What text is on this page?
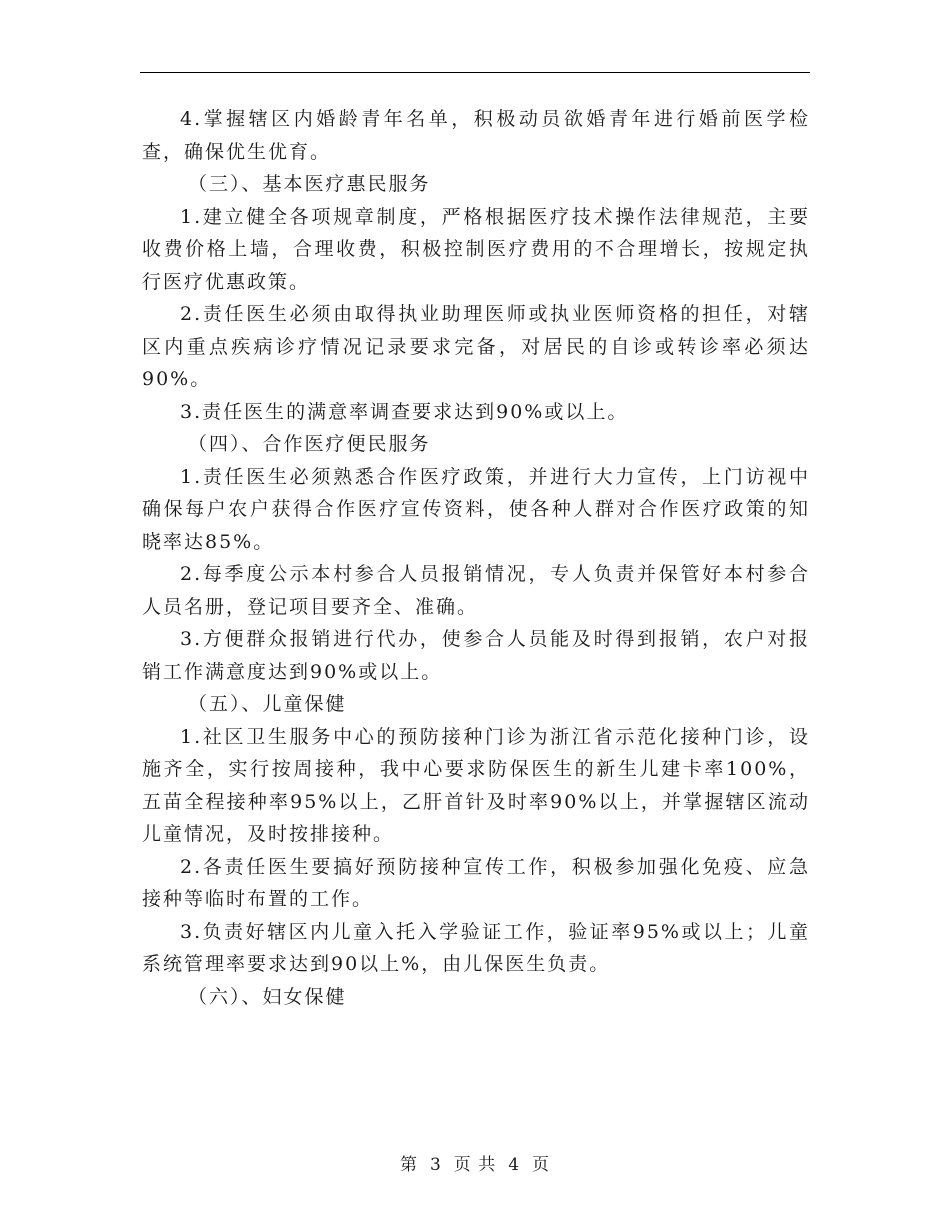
4.掌握辖区内婚龄青年名单，积极动员欲婚青年进行婚前医学检查，确保优生优育。

（三）、基本医疗惠民服务

1.建立健全各项规章制度，严格根据医疗技术操作法律规范，主要收费价格上墙，合理收费，积极控制医疗费用的不合理增长，按规定执行医疗优惠政策。

2.责任医生必须由取得执业助理医师或执业医师资格的担任，对辖区内重点疾病诊疗情况记录要求完备，对居民的自诊或转诊率必须达90%。

3.责任医生的满意率调查要求达到90%或以上。

（四）、合作医疗便民服务

1.责任医生必须熟悉合作医疗政策，并进行大力宣传，上门访视中确保每户农户获得合作医疗宣传资料，使各种人群对合作医疗政策的知晓率达85%。

2.每季度公示本村参合人员报销情况，专人负责并保管好本村参合人员名册，登记项目要齐全、准确。

3.方便群众报销进行代办，使参合人员能及时得到报销，农户对报销工作满意度达到90%或以上。

（五）、儿童保健

1.社区卫生服务中心的预防接种门诊为浙江省示范化接种门诊，设施齐全，实行按周接种，我中心要求防保医生的新生儿建卡率100%，五苗全程接种率95%以上，乙肝首针及时率90%以上，并掌握辖区流动儿童情况，及时按排接种。

2.各责任医生要搞好预防接种宣传工作，积极参加强化免疫、应急接种等临时布置的工作。

3.负责好辖区内儿童入托入学验证工作，验证率95%或以上；儿童系统管理率要求达到90以上%，由儿保医生负责。

（六）、妇女保健

第 3 页 共 4 页
